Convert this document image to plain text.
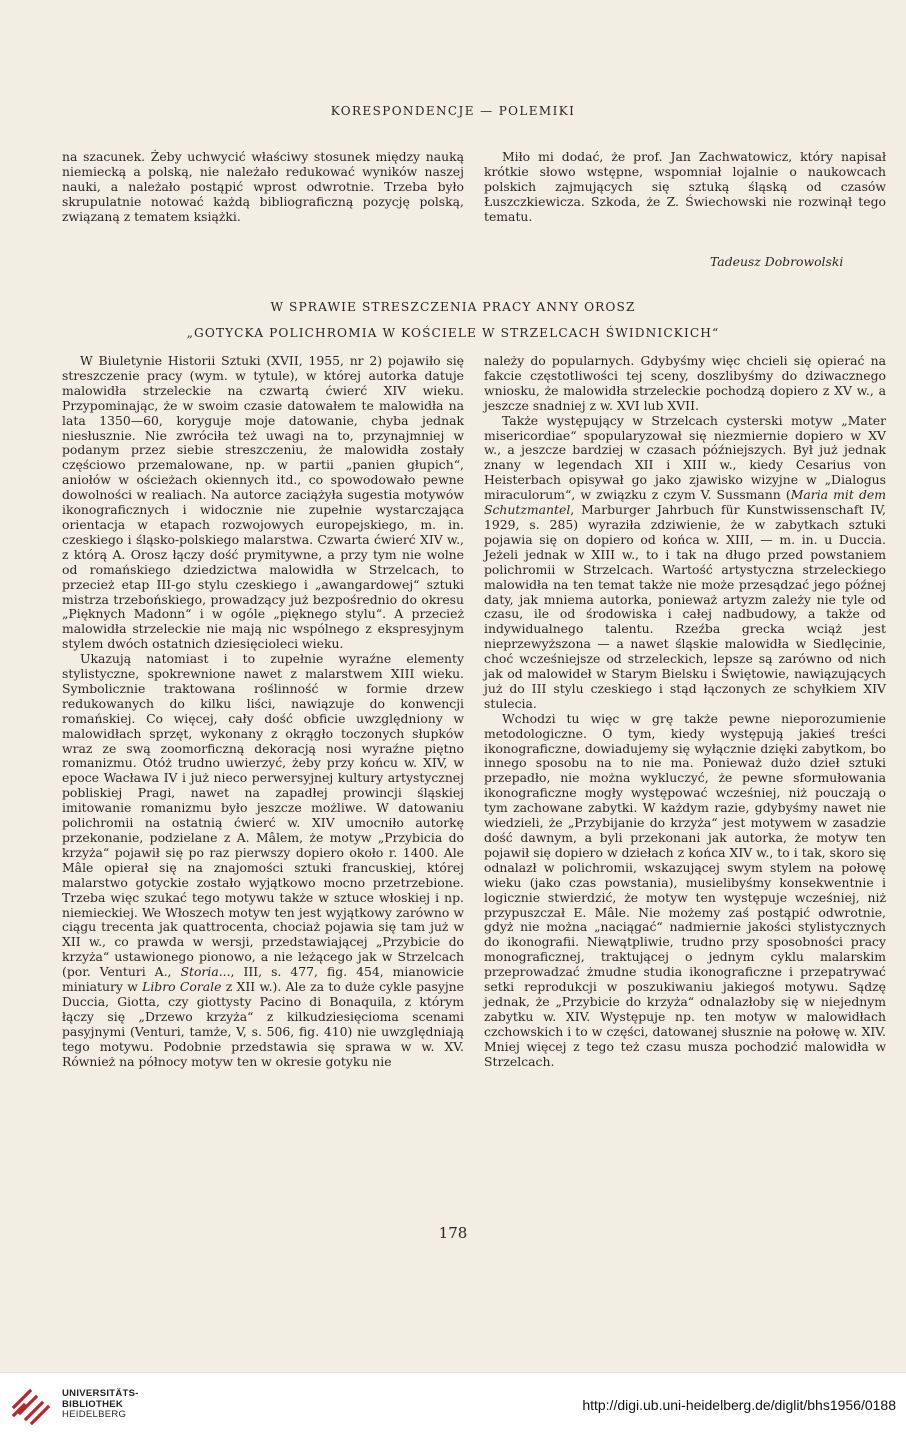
KORESPONDENCJE — POLEMIKI

na szacunek. Żeby uchwycić właściwy stosunek między nauką niemiecką a polską, nie należało redukować wyników naszej nauki, a należało postąpić wprost odwrotnie. Trzeba było skrupulatnie notować każdą bibliograficzną pozycję polską, związaną z tematem książki.

Miło mi dodać, że prof. Jan Zachwatowicz, który napisał krótkie słowo wstępne, wspomniał lojalnie o naukowcach polskich zajmujących się sztuką śląską od czasów Łuszczkiewicza. Szkoda, że Z. Świechowski nie rozwinął tego tematu.

Tadeusz Dobrowolski
W SPRAWIE STRESZCZENIA PRACY ANNY OROSZ
„GOTYCKA POLICHROMIA W KOŚCIELE W STRZELCACH ŚWIDNICKICH“

W Biuletynie Historii Sztuki (XVII, 1955, nr 2) pojawiło się streszczenie pracy (wym. w tytule), w której autorka datuje malowidła strzeleckie na czwartą ćwierć XIV wieku. Przypominając, że w swoim czasie datowałem te malowidła na lata 1350—60, koryguje moje datowanie, chyba jednak niesłusznie. Nie zwróciła też uwagi na to, przynajmniej w podanym przez siebie streszczeniu, że malowidła zostały częściowo przemalowane, np. w partii „panien głupich“, aniołów w ościeżach okiennych itd., co spowodowało pewne dowolności w realiach. Na autorce zaciążyła sugestia motywów ikonograficznych i widocznie nie zupełnie wystarczająca orientacja w etapach rozwojowych europejskiego, m. in. czeskiego i śląsko-polskiego malarstwa. Czwarta ćwierć XIV w., z którą A. Orosz łączy dość prymitywne, a przy tym nie wolne od romańskiego dziedzictwa malowidła w Strzelcach, to przecież etap III-go stylu czeskiego i „awangardowej“ sztuki mistrza trzebońskiego, prowadzący już bezpośrednio do okresu „Pięknych Madonn“ i w ogóle „pięknego stylu“. A przecież malowidła strzeleckie nie mają nic wspólnego z ekspresyjnym stylem dwóch ostatnich dziesięcioleci wieku.

Ukazują natomiast i to zupełnie wyraźne elementy stylistyczne, spokrewnione nawet z malarstwem XIII wieku. Symbolicznie traktowana roślinność w formie drzew redukowanych do kilku liści, nawiązuje do konwencji romańskiej. Co więcej, cały dość obficie uwzględniony w malowidłach sprzęt, wykonany z okrągło toczonych słupków wraz ze swą zoomorficzną dekoracją nosi wyraźne piętno romanizmu. Otóż trudno uwierzyć, żeby przy końcu w. XIV, w epoce Wacława IV i już nieco perwersyjnej kultury artystycznej pobliskiej Pragi, nawet na zapadłej prowincji śląskiej imitowanie romanizmu było jeszcze możliwe. W datowaniu polichromii na ostatnią ćwierć w. XIV umocniło autorkę przekonanie, podzielane z A. Mâlem, że motyw „Przybicia do krzyża“ pojawił się po raz pierwszy dopiero około r. 1400. Ale Mâle opierał się na znajomości sztuki francuskiej, której malarstwo gotyckie zostało wyjątkowo mocno przetrzebione. Trzeba więc szukać tego motywu także w sztuce włoskiej i np. niemieckiej. We Włoszech motyw ten jest wyjątkowy zarówno w ciągu trecenta jak quattrocenta, chociaż pojawia się tam już w XII w., co prawda w wersji, przedstawiającej „Przybicie do krzyża“ ustawionego pionowo, a nie leżącego jak w Strzelcach (por. Venturi A., Storia..., III, s. 477, fig. 454, mianowicie miniatury w Libro Corale z XII w.). Ale za to duże cykle pasyjne Duccia, Giotta, czy giottysty Pacino di Bonaquila, z którym łączy się „Drzewo krzyża“ z kilkudziesięcioma scenami pasyjnymi (Venturi, tamże, V, s. 506, fig. 410) nie uwzględniają tego motywu. Podobnie przedstawia się sprawa w w. XV. Również na północy motyw ten w okresie gotyku nie

należy do popularnych. Gdybyśmy więc chcieli się opierać na fakcie częstotliwości tej sceny, doszlibyśmy do dziwacznego wniosku, że malowidła strzeleckie pochodzą dopiero z XV w., a jeszcze snadniej z w. XVI lub XVII.

Także występujący w Strzelcach cysterski motyw „Mater misericordiae“ spopularyzował się niezmiernie dopiero w XV w., a jeszcze bardziej w czasach późniejszych. Był już jednak znany w legendach XII i XIII w., kiedy Cesarius von Heisterbach opisywał go jako zjawisko wizyjne w „Dialogus miraculorum“, w związku z czym V. Sussmann (Maria mit dem Schutzmantel, Marburger Jahrbuch für Kunstwissenschaft IV, 1929, s. 285) wyraziła zdziwienie, że w zabytkach sztuki pojawia się on dopiero od końca w. XIII, — m. in. u Duccia. Jeżeli jednak w XIII w., to i tak na długo przed powstaniem polichromii w Strzelcach. Wartość artystyczna strzeleckiego malowidła na ten temat także nie może przesądzać jego późnej daty, jak mniema autorka, ponieważ artyzm zależy nie tyle od czasu, ile od środowiska i całej nadbudowy, a także od indywidualnego talentu. Rzeźba grecka wciąż jest nieprzewyższona — a nawet śląskie malowidła w Siedlęcinie, choć wcześniejsze od strzeleckich, lepsze są zarówno od nich jak od malowideł w Starym Bielsku i Świętowie, nawiązujących już do III stylu czeskiego i stąd łączonych ze schyłkiem XIV stulecia.

Wchodzi tu więc w grę także pewne nieporozumienie metodologiczne. O tym, kiedy występują jakieś treści ikonograficzne, dowiadujemy się wyłącznie dzięki zabytkom, bo innego sposobu na to nie ma. Ponieważ dużo dzieł sztuki przepadło, nie można wykluczyć, że pewne sformułowania ikonograficzne mogły występować wcześniej, niż pouczają o tym zachowane zabytki. W każdym razie, gdybyśmy nawet nie wiedzieli, że „Przybijanie do krzyża“ jest motywem w zasadzie dość dawnym, a byli przekonani jak autorka, że motyw ten pojawił się dopiero w dziełach z końca XIV w., to i tak, skoro się odnalazł w polichromii, wskazującej swym stylem na połowę wieku (jako czas powstania), musielibyśmy konsekwentnie i logicznie stwierdzić, że motyw ten występuje wcześniej, niż przypuszczał E. Mâle. Nie możemy zaś postąpić odwrotnie, gdyż nie można „naciągać“ nadmiernie jakości stylistycznych do ikonografii. Niewątpliwie, trudno przy sposobności pracy monograficznej, traktującej o jednym cyklu malarskim przeprowadzać żmudne studia ikonograficzne i przepatrywać setki reprodukcji w poszukiwaniu jakiegoś motywu. Sądzę jednak, że „Przybicie do krzyża“ odnalazłoby się w niejednym zabytku w. XIV. Występuje np. ten motyw w malowidłach czchowskich i to w części, datowanej słusznie na połowę w. XIV. Mniej więcej z tego też czasu musza pochodzić malowidła w Strzelcach.

178
UNIVERSITÄTS-
BIBLIOTHEK
HEIDELBERG
http://digi.ub.uni-heidelberg.de/diglit/bhs1956/0188
